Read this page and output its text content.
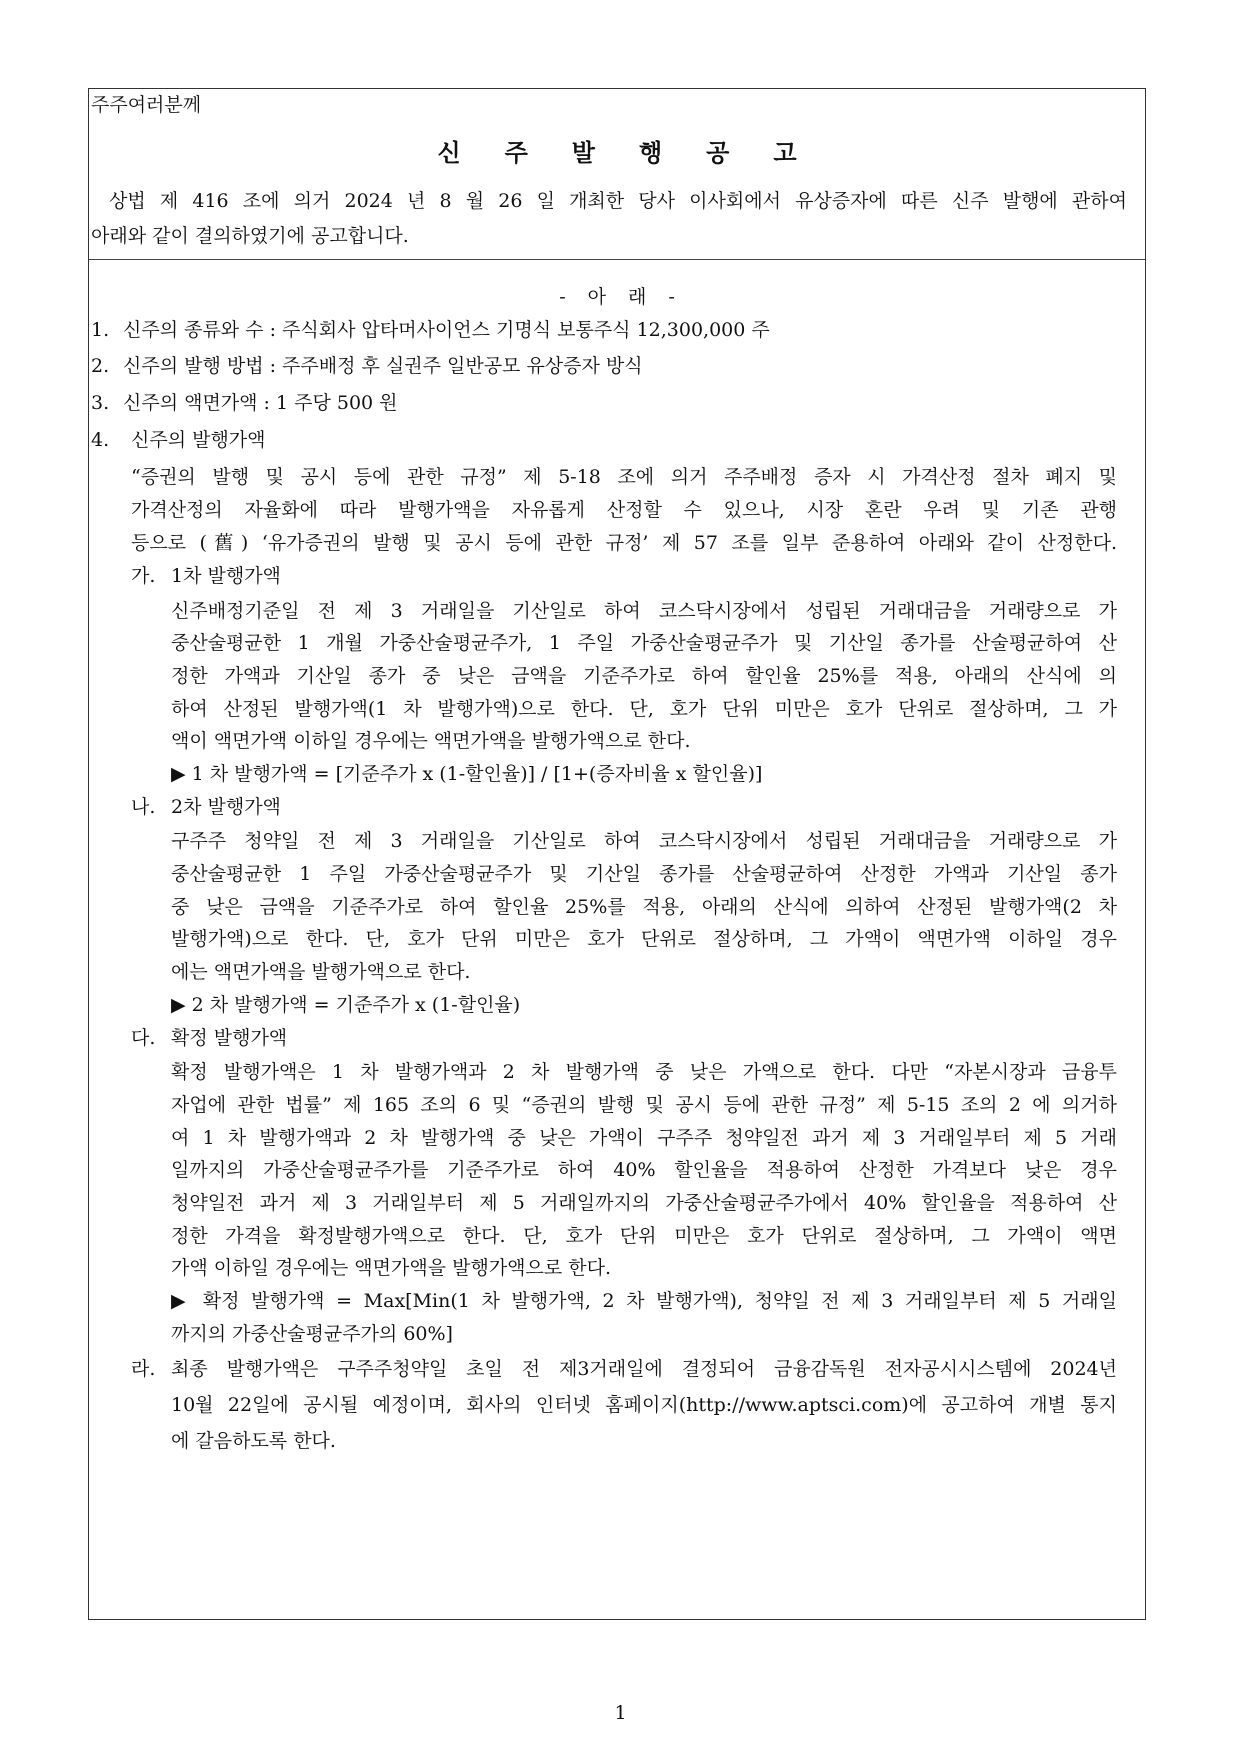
주주여러분께
신주발행공고
상법 제 416 조에 의거 2024 년 8 월 26 일 개최한 당사 이사회에서 유상증자에 따른 신주 발행에 관하여
아래와 같이 결의하였기에 공고합니다.
-아래-
1. 신주의 종류와 수 : 주식회사 압타머사이언스 기명식 보통주식 12,300,000 주
2. 신주의 발행 방법 : 주주배정 후 실권주 일반공모 유상증자 방식
3. 신주의 액면가액 : 1 주당 500 원
4. 신주의 발행가액
“증권의 발행 및 공시 등에 관한 규정” 제 5-18 조에 의거 주주배정 증자 시 가격산정 절차 폐지 및
가격산정의 자율화에 따라 발행가액을 자유롭게 산정할 수 있으나, 시장 혼란 우려 및 기존 관행
등으로 (舊) ‘유가증권의 발행 및 공시 등에 관한 규정’ 제 57 조를 일부 준용하여 아래와 같이 산정한다.
가. 1차 발행가액
신주배정기준일 전 제 3 거래일을 기산일로 하여 코스닥시장에서 성립된 거래대금을 거래량으로 가
중산술평균한 1 개월 가중산술평균주가, 1 주일 가중산술평균주가 및 기산일 종가를 산술평균하여 산
정한 가액과 기산일 종가 중 낮은 금액을 기준주가로 하여 할인율 25%를 적용, 아래의 산식에 의
하여 산정된 발행가액(1 차 발행가액)으로 한다. 단, 호가 단위 미만은 호가 단위로 절상하며, 그 가
액이 액면가액 이하일 경우에는 액면가액을 발행가액으로 한다.
▶ 1 차 발행가액 = [기준주가 x (1-할인율)] / [1+(증자비율 x 할인율)]
나. 2차 발행가액
구주주 청약일 전 제 3 거래일을 기산일로 하여 코스닥시장에서 성립된 거래대금을 거래량으로 가
중산술평균한 1 주일 가중산술평균주가 및 기산일 종가를 산술평균하여 산정한 가액과 기산일 종가
중 낮은 금액을 기준주가로 하여 할인율 25%를 적용, 아래의 산식에 의하여 산정된 발행가액(2 차
발행가액)으로 한다. 단, 호가 단위 미만은 호가 단위로 절상하며, 그 가액이 액면가액 이하일 경우
에는 액면가액을 발행가액으로 한다.
▶ 2 차 발행가액 = 기준주가 x (1-할인율)
다. 확정 발행가액
확정 발행가액은 1 차 발행가액과 2 차 발행가액 중 낮은 가액으로 한다. 다만 “자본시장과 금융투
자업에 관한 법률” 제 165 조의 6 및 “증권의 발행 및 공시 등에 관한 규정” 제 5-15 조의 2 에 의거하
여 1 차 발행가액과 2 차 발행가액 중 낮은 가액이 구주주 청약일전 과거 제 3 거래일부터 제 5 거래
일까지의 가중산술평균주가를 기준주가로 하여 40% 할인율을 적용하여 산정한 가격보다 낮은 경우
청약일전 과거 제 3 거래일부터 제 5 거래일까지의 가중산술평균주가에서 40% 할인율을 적용하여 산
정한 가격을 확정발행가액으로 한다. 단, 호가 단위 미만은 호가 단위로 절상하며, 그 가액이 액면
가액 이하일 경우에는 액면가액을 발행가액으로 한다.
▶ 확정 발행가액 = Max[Min(1 차 발행가액, 2 차 발행가액), 청약일 전 제 3 거래일부터 제 5 거래일
까지의 가중산술평균주가의 60%]
라. 최종 발행가액은 구주주청약일 초일 전 제3거래일에 결정되어 금융감독원 전자공시시스템에 2024년
10월 22일에 공시될 예정이며, 회사의 인터넷 홈페이지(http://www.aptsci.com)에 공고하여 개별 통지
에 갈음하도록 한다.
1
